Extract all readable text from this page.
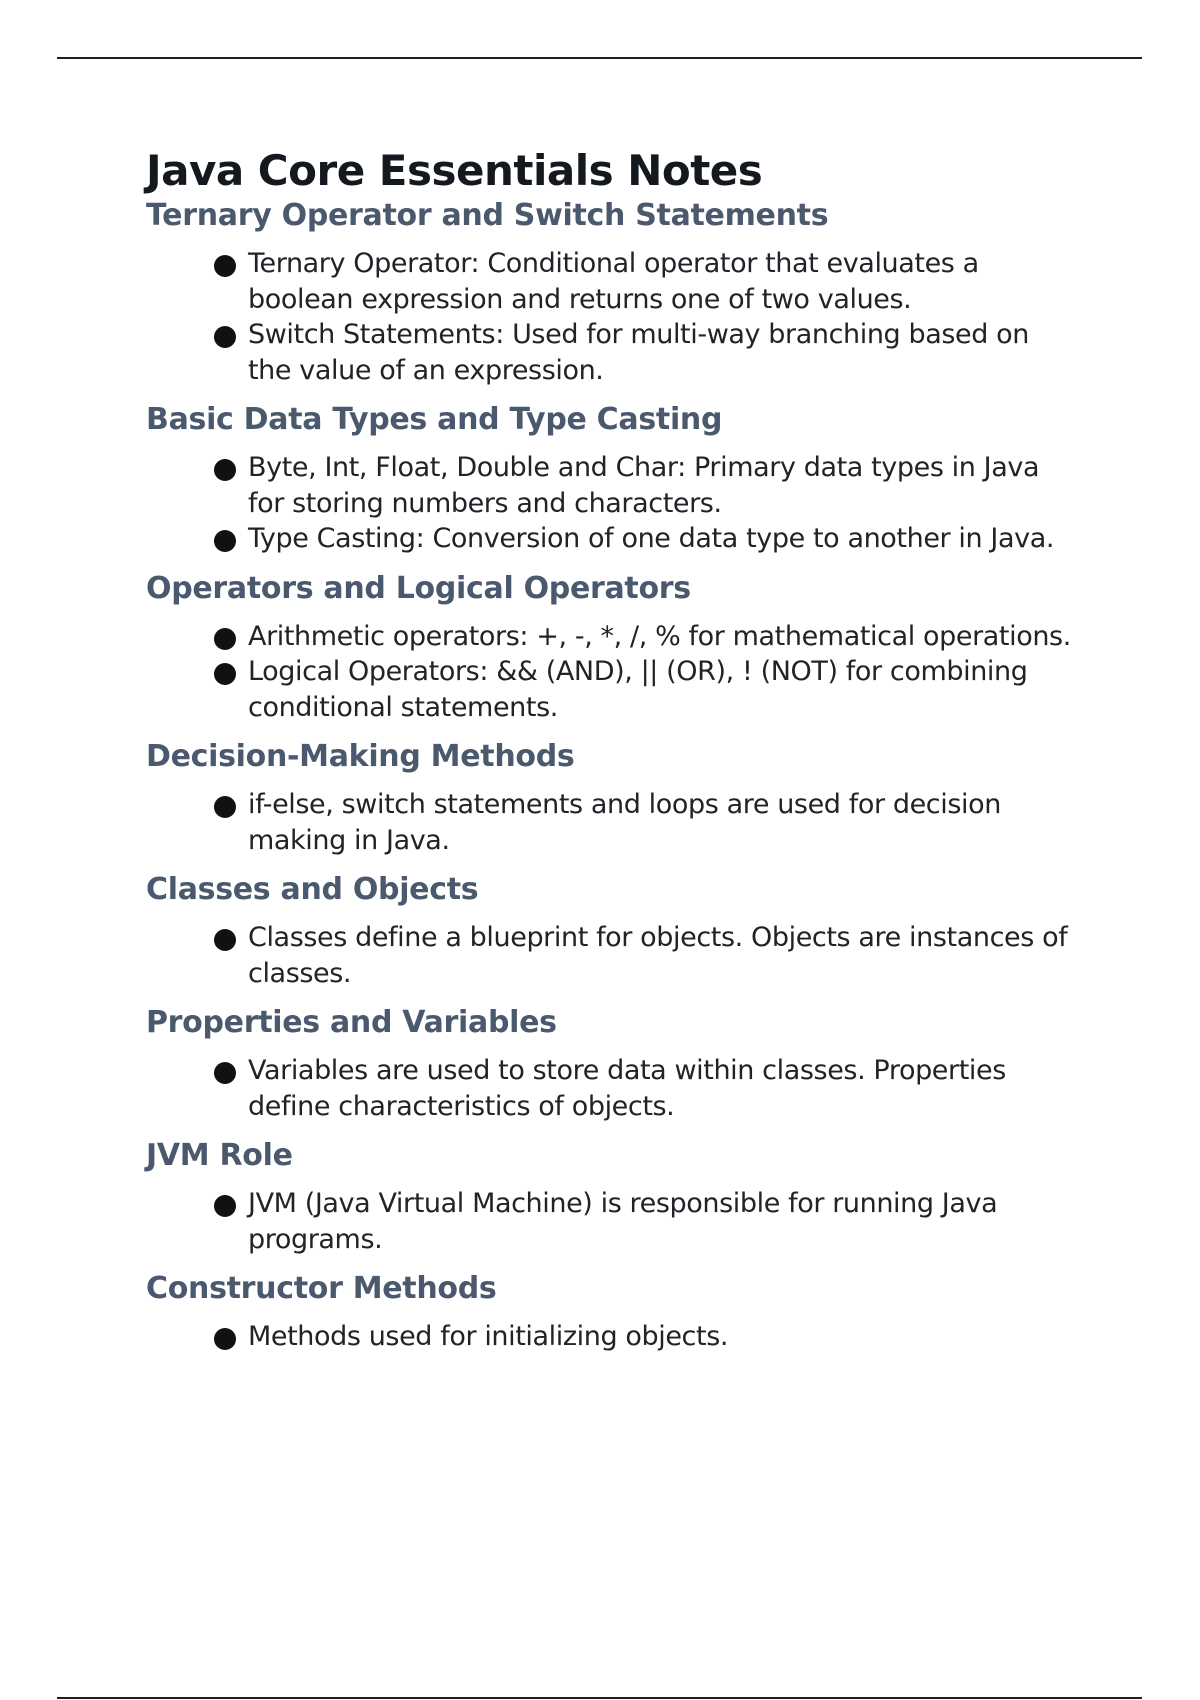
Java Core Essentials Notes
Ternary Operator and Switch Statements
Ternary Operator: Conditional operator that evaluates a boolean expression and returns one of two values.
Switch Statements: Used for multi-way branching based on the value of an expression.
Basic Data Types and Type Casting
Byte, Int, Float, Double and Char: Primary data types in Java for storing numbers and characters.
Type Casting: Conversion of one data type to another in Java.
Operators and Logical Operators
Arithmetic operators: +, -, *, /, % for mathematical operations.
Logical Operators: && (AND), || (OR), ! (NOT) for combining conditional statements.
Decision-Making Methods
if-else, switch statements and loops are used for decision making in Java.
Classes and Objects
Classes define a blueprint for objects. Objects are instances of classes.
Properties and Variables
Variables are used to store data within classes. Properties define characteristics of objects.
JVM Role
JVM (Java Virtual Machine) is responsible for running Java programs.
Constructor Methods
Methods used for initializing objects.
